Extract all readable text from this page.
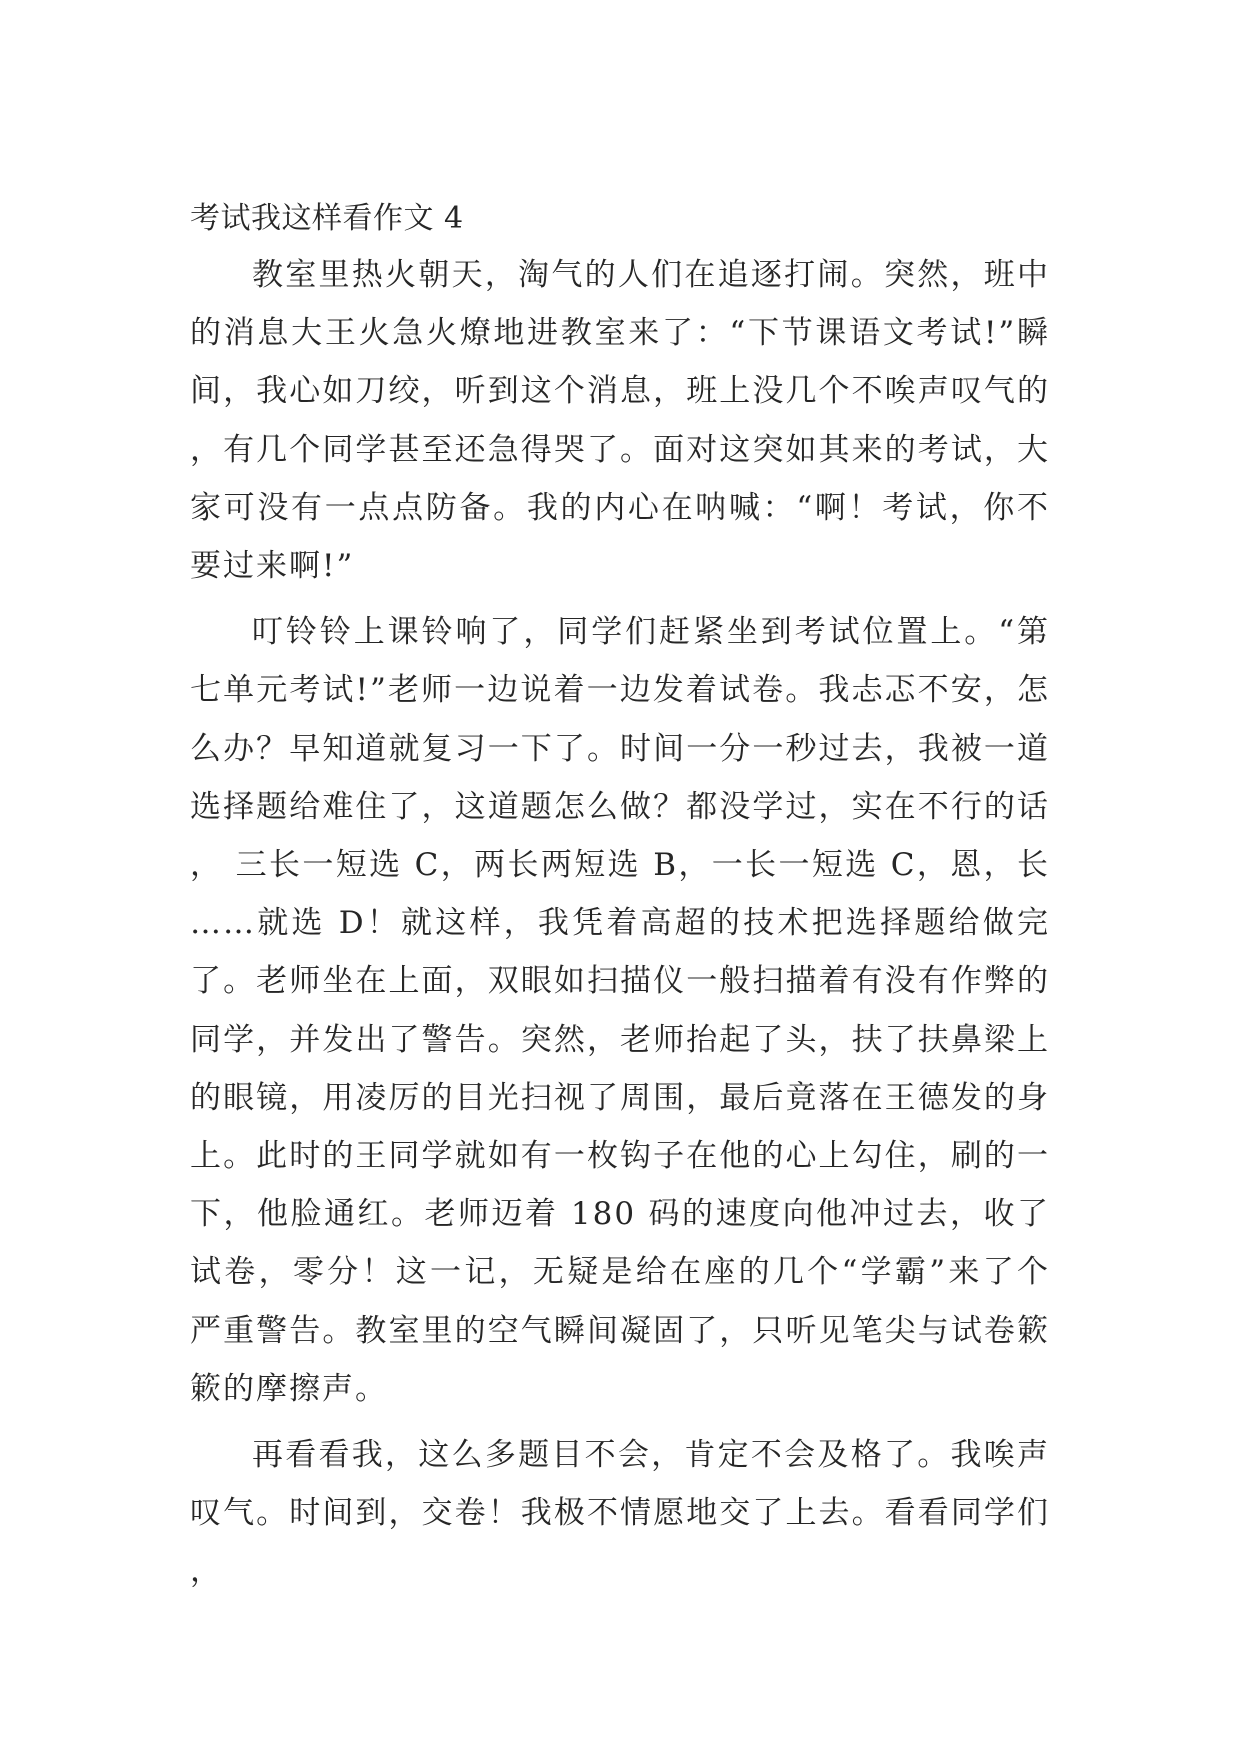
考试我这样看作文 4

教室里热火朝天，淘气的人们在追逐打闹。突然，班中的消息大王火急火燎地进教室来了：“下节课语文考试!”瞬间，我心如刀绞，听到这个消息，班上没几个不唉声叹气的，有几个同学甚至还急得哭了。面对这突如其来的考试，大家可没有一点点防备。我的内心在呐喊：“啊！考试，你不要过来啊!”

叮铃铃上课铃响了，同学们赶紧坐到考试位置上。“第七单元考试!”老师一边说着一边发着试卷。我忐忑不安，怎么办？早知道就复习一下了。时间一分一秒过去，我被一道选择题给难住了，这道题怎么做？都没学过，实在不行的话， 三长一短选 C，两长两短选 B，一长一短选 C，恩，长……就选 D！就这样，我凭着高超的技术把选择题给做完了。老师坐在上面，双眼如扫描仪一般扫描着有没有作弊的同学，并发出了警告。突然，老师抬起了头，扶了扶鼻梁上的眼镜，用凌厉的目光扫视了周围，最后竟落在王德发的身上。此时的王同学就如有一枚钩子在他的心上勾住，刷的一下，他脸通红。老师迈着 180 码的速度向他冲过去，收了试卷，零分！这一记，无疑是给在座的几个“学霸”来了个严重警告。教室里的空气瞬间凝固了，只听见笔尖与试卷簌簌的摩擦声。

再看看我，这么多题目不会，肯定不会及格了。我唉声叹气。时间到，交卷！我极不情愿地交了上去。看看同学们，
